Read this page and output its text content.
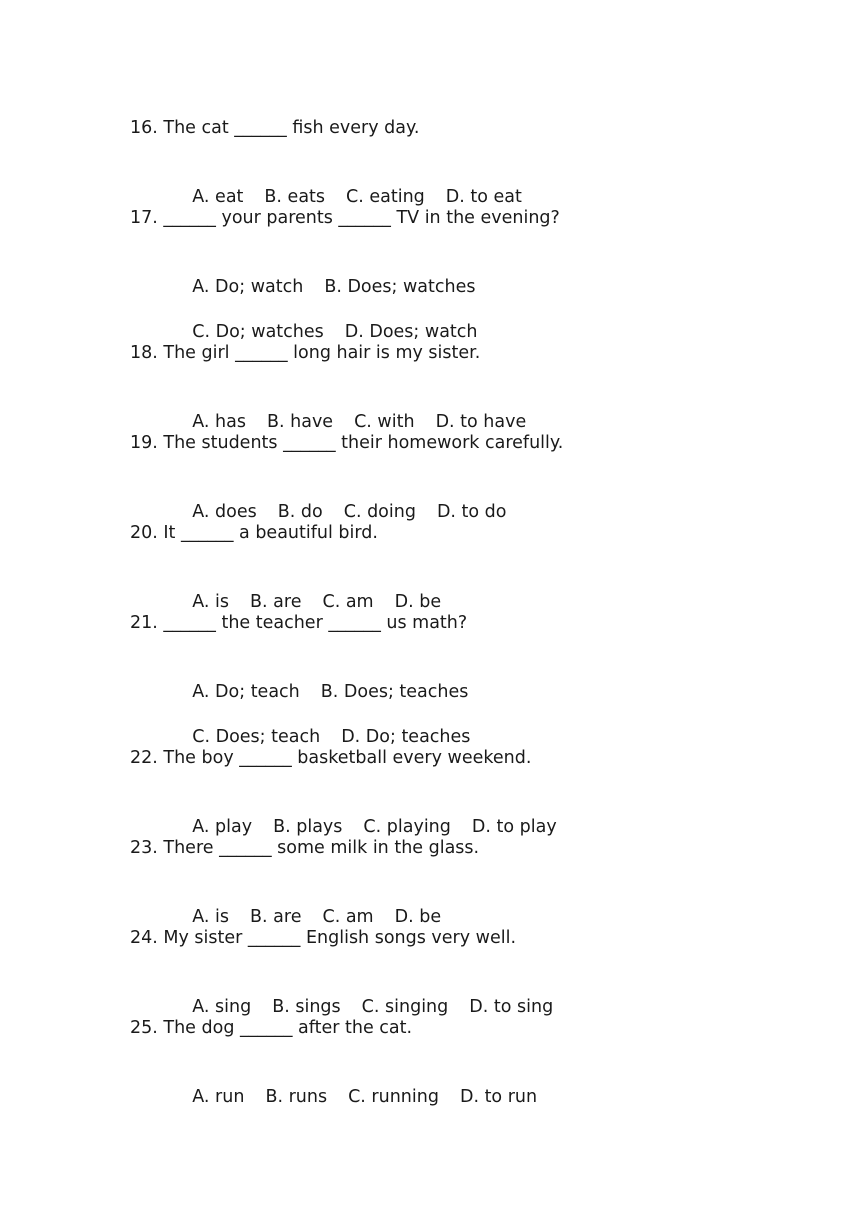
16. The cat ______ fish every day.

A. eat B. eats C. eating D. to eat

17. ______ your parents ______ TV in the evening?

A. Do; watch B. Does; watches

C. Do; watches D. Does; watch

18. The girl ______ long hair is my sister.

A. has B. have C. with D. to have

19. The students ______ their homework carefully.

A. does B. do C. doing D. to do

20. It ______ a beautiful bird.

A. is B. are C. am D. be

21. ______ the teacher ______ us math?

A. Do; teach B. Does; teaches

C. Does; teach D. Do; teaches

22. The boy ______ basketball every weekend.

A. play B. plays C. playing D. to play

23. There ______ some milk in the glass.

A. is B. are C. am D. be

24. My sister ______ English songs very well.

A. sing B. sings C. singing D. to sing

25. The dog ______ after the cat.

A. run B. runs C. running D. to run
